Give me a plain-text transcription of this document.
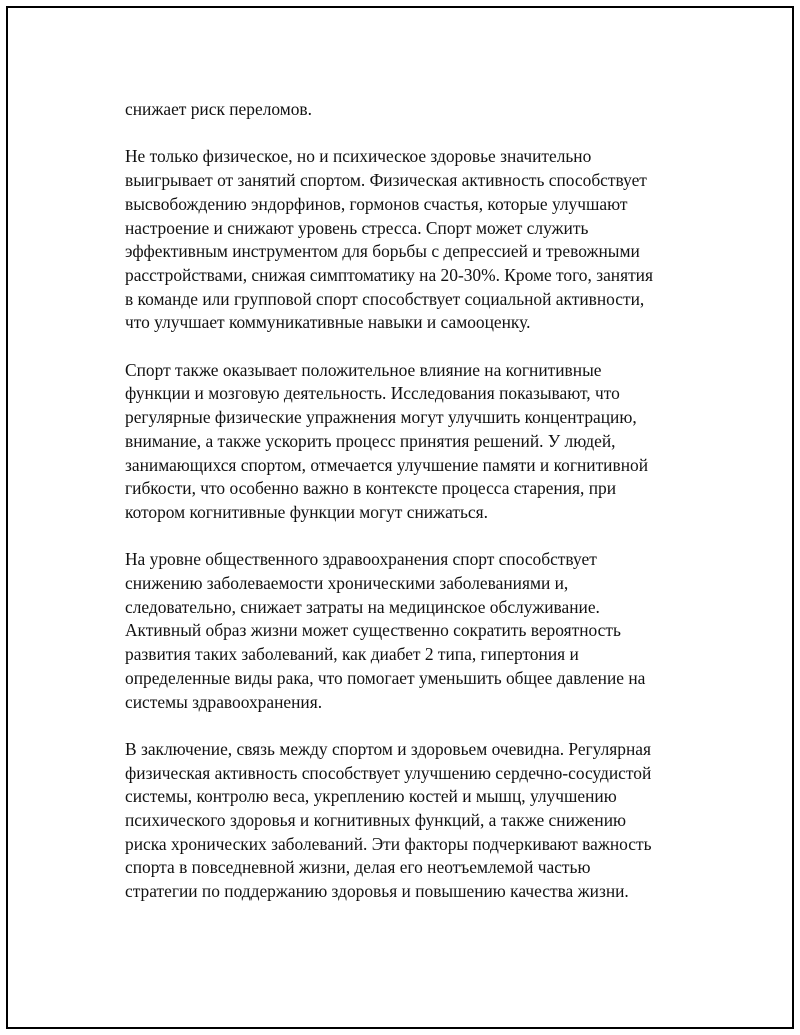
снижает риск переломов.

Не только физическое, но и психическое здоровье значительно
выигрывает от занятий спортом. Физическая активность способствует
высвобождению эндорфинов, гормонов счастья, которые улучшают
настроение и снижают уровень стресса. Спорт может служить
эффективным инструментом для борьбы с депрессией и тревожными
расстройствами, снижая симптоматику на 20-30%. Кроме того, занятия
в команде или групповой спорт способствует социальной активности,
что улучшает коммуникативные навыки и самооценку.

Спорт также оказывает положительное влияние на когнитивные
функции и мозговую деятельность. Исследования показывают, что
регулярные физические упражнения могут улучшить концентрацию,
внимание, а также ускорить процесс принятия решений. У людей,
занимающихся спортом, отмечается улучшение памяти и когнитивной
гибкости, что особенно важно в контексте процесса старения, при
котором когнитивные функции могут снижаться.

На уровне общественного здравоохранения спорт способствует
снижению заболеваемости хроническими заболеваниями и,
следовательно, снижает затраты на медицинское обслуживание.
Активный образ жизни может существенно сократить вероятность
развития таких заболеваний, как диабет 2 типа, гипертония и
определенные виды рака, что помогает уменьшить общее давление на
системы здравоохранения.

В заключение, связь между спортом и здоровьем очевидна. Регулярная
физическая активность способствует улучшению сердечно-сосудистой
системы, контролю веса, укреплению костей и мышц, улучшению
психического здоровья и когнитивных функций, а также снижению
риска хронических заболеваний. Эти факторы подчеркивают важность
спорта в повседневной жизни, делая его неотъемлемой частью
стратегии по поддержанию здоровья и повышению качества жизни.
